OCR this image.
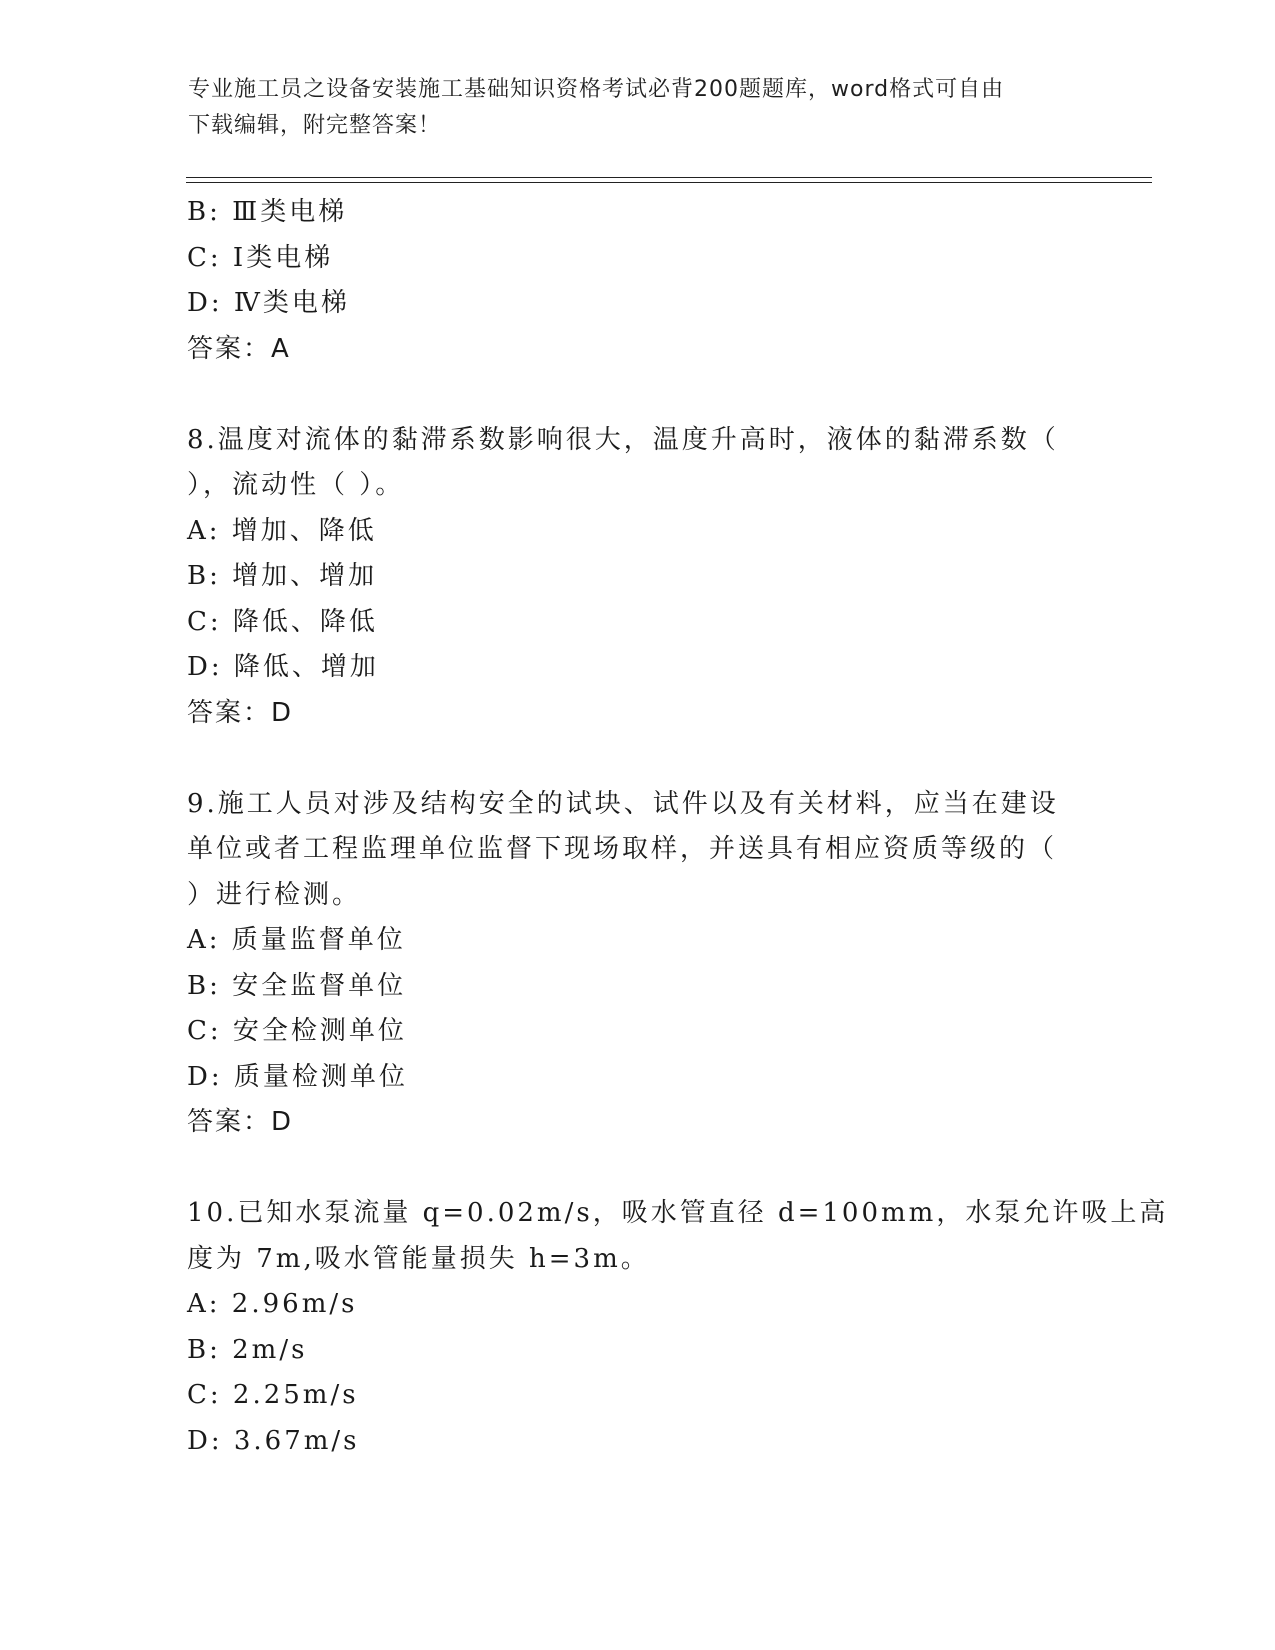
专业施工员之设备安装施工基础知识资格考试必背200题题库，word格式可自由
下载编辑，附完整答案！
B: Ⅲ类电梯
C: Ⅰ类电梯
D: Ⅳ类电梯
答案：A
8.温度对流体的黏滞系数影响很大，温度升高时，液体的黏滞系数（
），流动性（ ）。
A: 增加、降低
B: 增加、增加
C: 降低、降低
D: 降低、增加
答案：D
9.施工人员对涉及结构安全的试块、试件以及有关材料，应当在建设
单位或者工程监理单位监督下现场取样，并送具有相应资质等级的（
）进行检测。
A: 质量监督单位
B: 安全监督单位
C: 安全检测单位
D: 质量检测单位
答案：D
10.已知水泵流量 q=0.02m/s，吸水管直径 d=100mm，水泵允许吸上高
度为 7m,吸水管能量损失 h=3m。
A: 2.96m/s
B: 2m/s
C: 2.25m/s
D: 3.67m/s
